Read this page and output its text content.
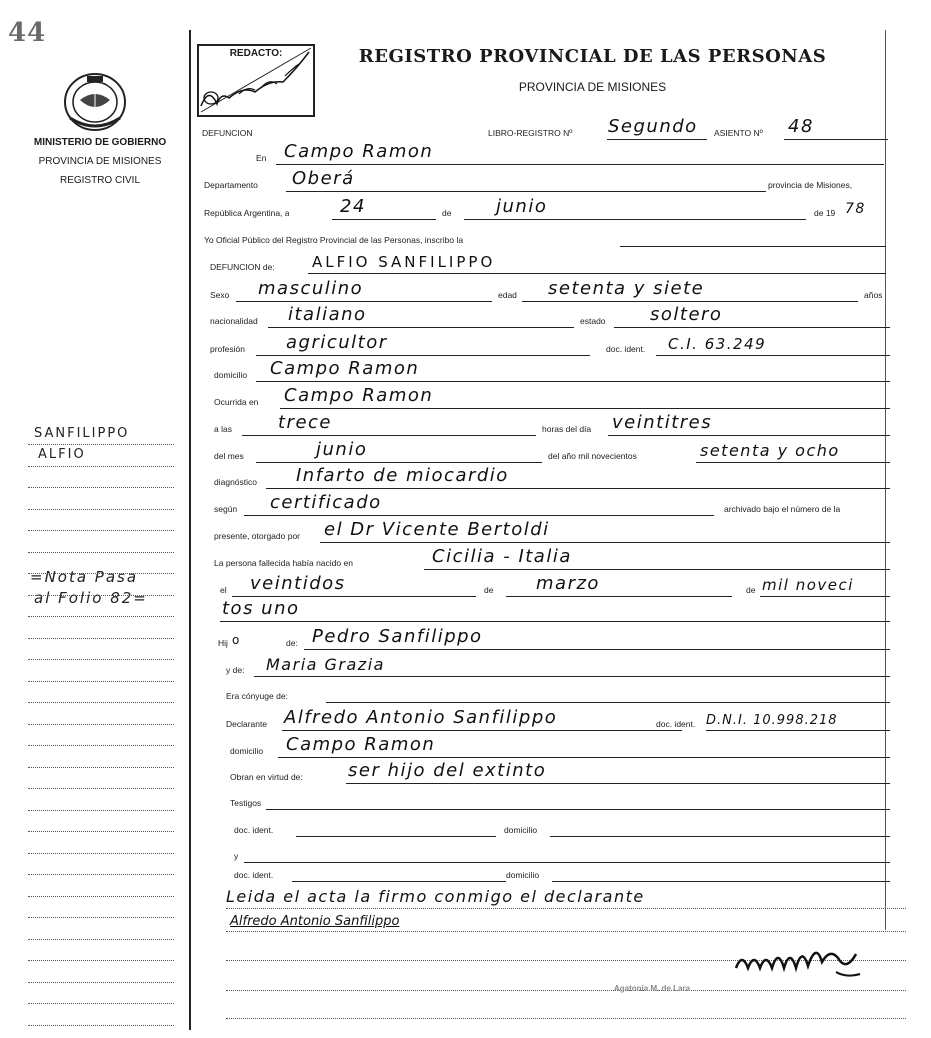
44
MINISTERIO DE GOBIERNO
PROVINCIA DE MISIONES
REGISTRO CIVIL
REDACTO:	REGISTRO PROVINCIAL DE LAS PERSONAS
PROVINCIA DE MISIONES
DEFUNCION	LIBRO-REGISTRO Nº Segundo ASIENTO Nº 48
En Campo Ramon
Departamento Oberá	provincia de Misiones,
República Argentina, a	24	de junio	de 19 78
Yo Oficial Público del Registro Provincial de las Personas, inscribo la
DEFUNCION de: ALFIO SANFILIPPO
Sexo masculino	edad setenta y siete	años
nacionalidad italiano	estado soltero
profesión agricultor	doc. ident. C.I. 63.249
domicilio Campo Ramon
Ocurrida en Campo Ramon
a las	trece	horas del día veintitres
del mes	junio	del año mil novecientos	setenta y ocho
diagnóstico Infarto de miocardio
según certificado	archivado bajo el número de la
presente, otorgado por el Dr Vicente Bertoldi
La persona fallecida había nacido en	Cicilia - Italia
el veintidos	de marzo	de mil noveci
tos uno
Hij o	de: Pedro Sanfilippo
y de: Maria Grazia
Era cónyuge de:
Declarante Alfredo Antonio Sanfilippo	doc. ident. D.N.I. 10.998.218
domicilio Campo Ramon
Obran en virtud de:	ser hijo del extinto
Testigos
doc. ident.	domicilio
y
doc. ident.	domicilio
Leida el acta la firmo conmigo el declarante
Alfredo Antonio Sanfilippo
Agatonia M. de Lara
SANFILIPPO
ALFIO
=Nota Pasa
al Folio 82=
